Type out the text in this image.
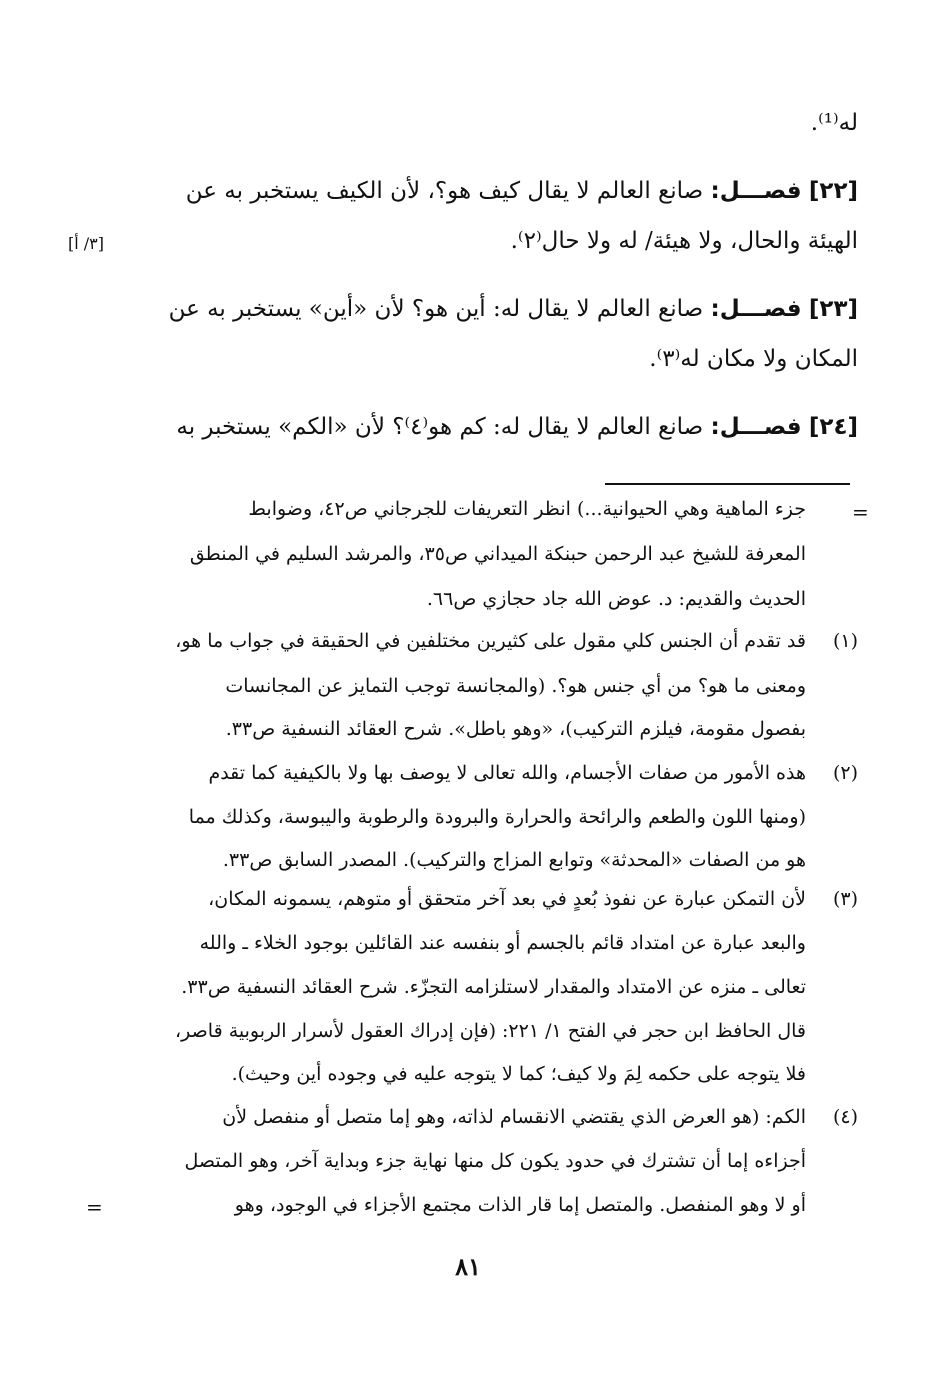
له⁽¹⁾.
[٢٢] فصـــل: صانع العالم لا يقال كيف هو؟، لأن الكيف يستخبر به عن
الهيئة والحال، ولا هيئة/ له ولا حال⁽٢⁾.
[٣/ أ]
[٢٣] فصـــل: صانع العالم لا يقال له: أين هو؟ لأن «أين» يستخبر به عن
المكان ولا مكان له⁽٣⁾.
[٢٤] فصـــل: صانع العالم لا يقال له: كم هو⁽٤⁾؟ لأن «الكم» يستخبر به
=
جزء الماهية وهي الحيوانية...) انظر التعريفات للجرجاني ص٤٢، وضوابط
المعرفة للشيخ عبد الرحمن حبنكة الميداني ص٣٥، والمرشد السليم في المنطق
الحديث والقديم: د. عوض الله جاد حجازي ص٦٦.
(١)
قد تقدم أن الجنس كلي مقول على كثيرين مختلفين في الحقيقة في جواب ما هو،
ومعنى ما هو؟ من أي جنس هو؟. (والمجانسة توجب التمايز عن المجانسات
بفصول مقومة، فيلزم التركيب)، «وهو باطل». شرح العقائد النسفية ص٣٣.
(٢)
هذه الأمور من صفات الأجسام، والله تعالى لا يوصف بها ولا بالكيفية كما تقدم
(ومنها اللون والطعم والرائحة والحرارة والبرودة والرطوبة واليبوسة، وكذلك مما
هو من الصفات «المحدثة» وتوابع المزاج والتركيب). المصدر السابق ص٣٣.
(٣)
لأن التمكن عبارة عن نفوذ بُعدٍ في بعد آخر متحقق أو متوهم، يسمونه المكان،
والبعد عبارة عن امتداد قائم بالجسم أو بنفسه عند القائلين بوجود الخلاء ـ والله
تعالى ـ منزه عن الامتداد والمقدار لاستلزامه التجزّء. شرح العقائد النسفية ص٣٣.
قال الحافظ ابن حجر في الفتح ١/ ٢٢١: (فإن إدراك العقول لأسرار الربوبية قاصر،
فلا يتوجه على حكمه لِمَ ولا كيف؛ كما لا يتوجه عليه في وجوده أين وحيث).
(٤)
الكم: (هو العرض الذي يقتضي الانقسام لذاته، وهو إما متصل أو منفصل لأن
أجزاءه إما أن تشترك في حدود يكون كل منها نهاية جزء وبداية آخر، وهو المتصل
أو لا وهو المنفصل. والمتصل إما قار الذات مجتمع الأجزاء في الوجود، وهو
=
٨١
